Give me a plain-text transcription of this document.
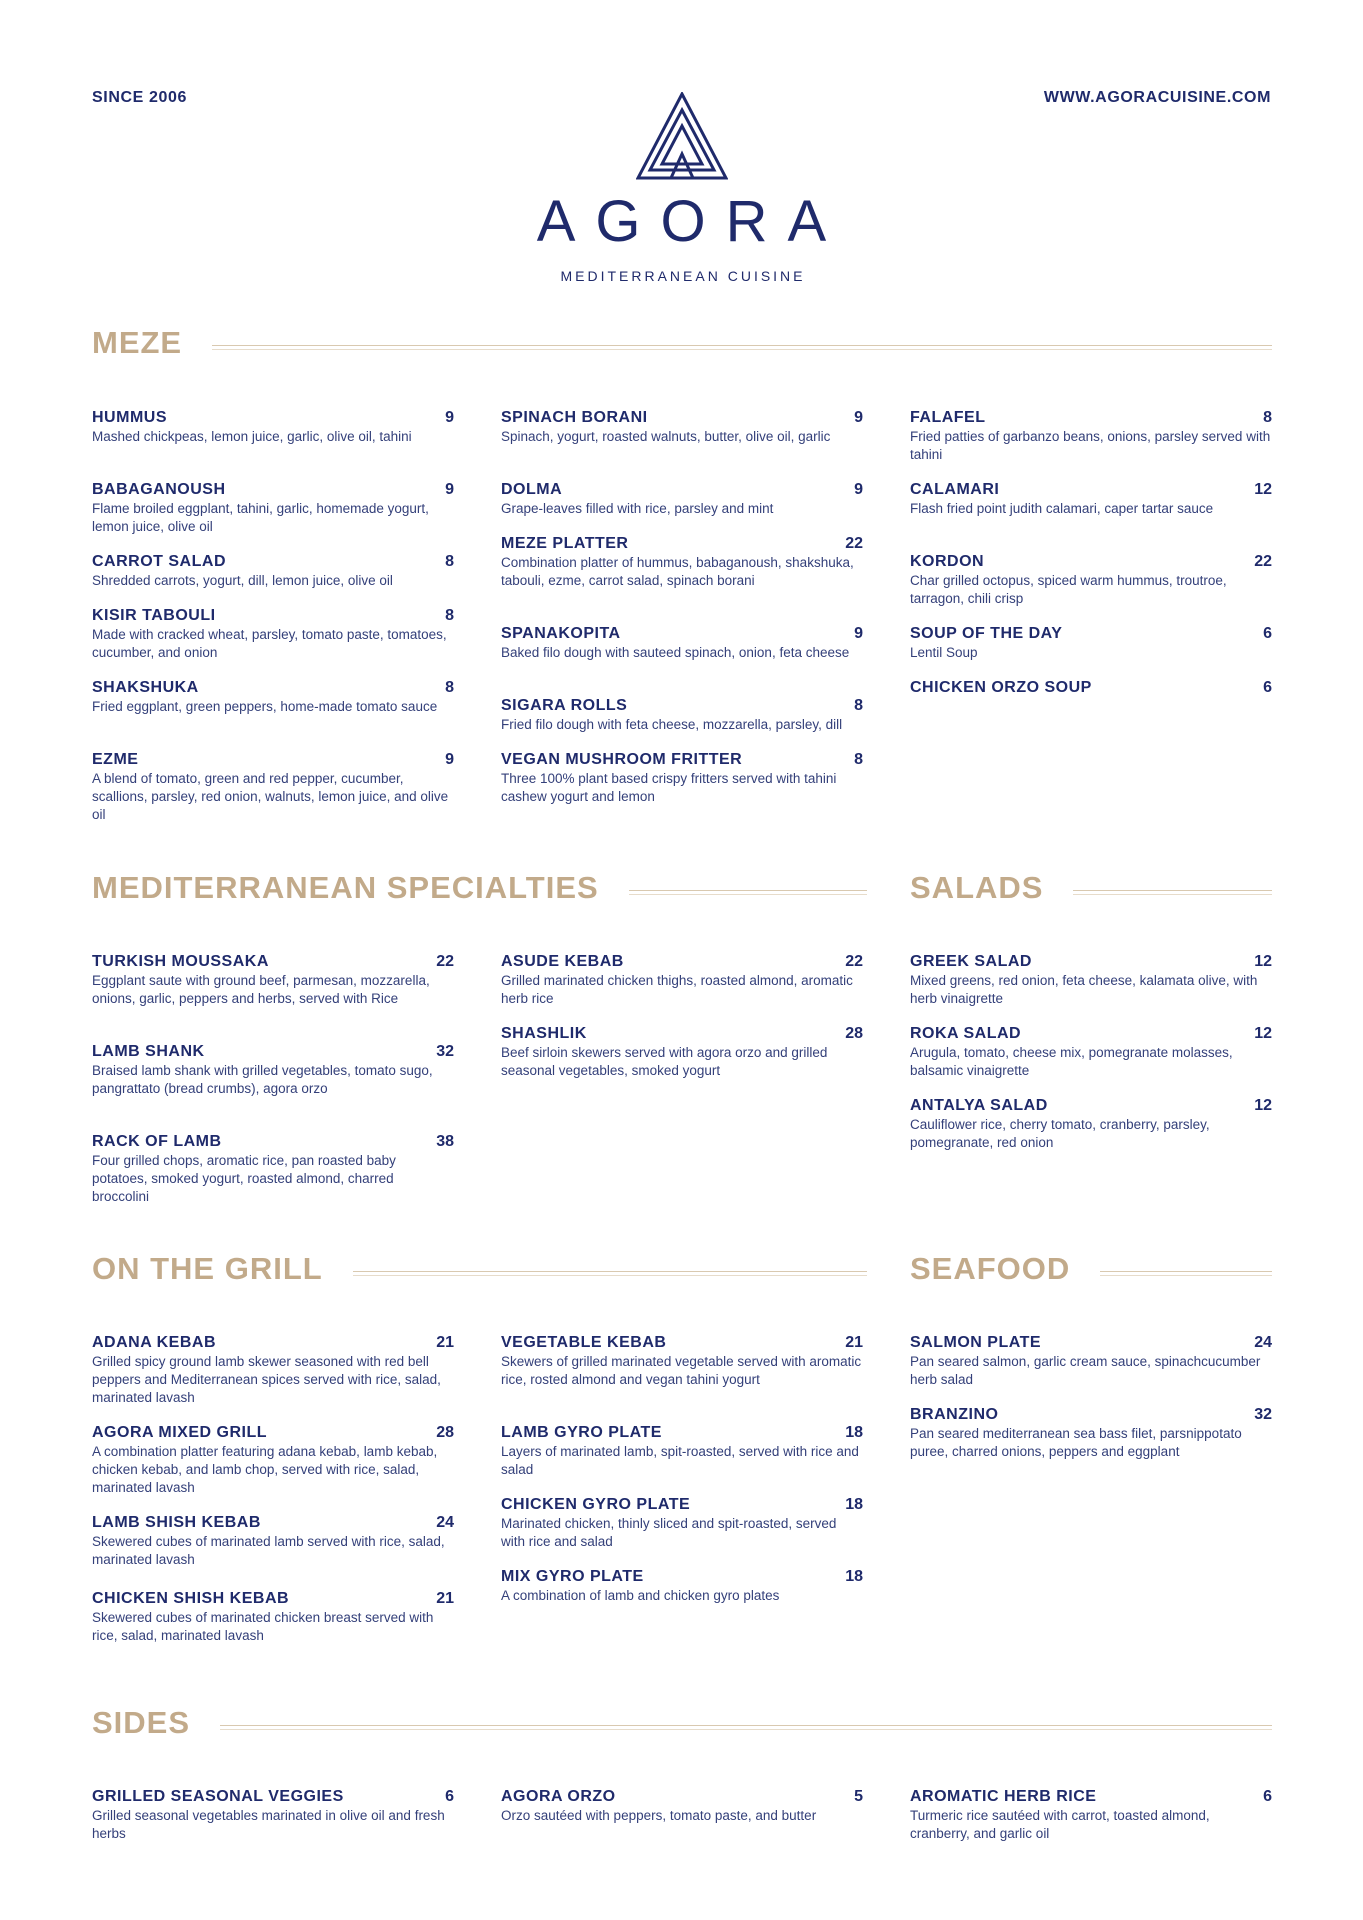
SINCE 2006	WWW.AGORACUISINE.COM
AGORA
MEDITERRANEAN CUISINE
MEZE
MEDITERRANEAN SPECIALTIES	SALADS
ON THE GRILL	SEAFOOD
SIDES
HUMMUS	9
Mashed chickpeas, lemon juice, garlic, olive oil, tahini
BABAGANOUSH	9
Flame broiled eggplant, tahini, garlic, homemade yogurt, lemon juice, olive oil
CARROT SALAD	8
Shredded carrots, yogurt, dill, lemon juice, olive oil
KISIR TABOULI	8
Made with cracked wheat, parsley, tomato paste, tomatoes, cucumber, and onion
SHAKSHUKA	8
Fried eggplant, green peppers, home-made tomato sauce
EZME	9
A blend of tomato, green and red pepper, cucumber, scallions, parsley, red onion, walnuts, lemon juice, and olive oil
SPINACH BORANI	9
Spinach, yogurt, roasted walnuts, butter, olive oil, garlic
DOLMA	9
Grape-leaves filled with rice, parsley and mint
MEZE PLATTER	22
Combination platter of hummus, babaganoush, shakshuka, tabouli, ezme, carrot salad, spinach borani
SPANAKOPITA	9
Baked filo dough with sauteed spinach, onion, feta cheese
SIGARA ROLLS	8
Fried filo dough with feta cheese, mozzarella, parsley, dill
VEGAN MUSHROOM FRITTER	8
Three 100% plant based crispy fritters served with tahini cashew yogurt and lemon
FALAFEL	8
Fried patties of garbanzo beans, onions, parsley served with tahini
CALAMARI	12
Flash fried point judith calamari, caper tartar sauce
KORDON	22
Char grilled octopus, spiced warm hummus, troutroe, tarragon, chili crisp
SOUP OF THE DAY	6
Lentil Soup
CHICKEN ORZO SOUP	6
TURKISH MOUSSAKA	22
Eggplant saute with ground beef, parmesan, mozzarella, onions, garlic, peppers and herbs, served with Rice
LAMB SHANK	32
Braised lamb shank with grilled vegetables, tomato sugo, pangrattato (bread crumbs), agora orzo
RACK OF LAMB	38
Four grilled chops, aromatic rice, pan roasted baby potatoes, smoked yogurt, roasted almond, charred broccolini
ASUDE KEBAB	22
Grilled marinated chicken thighs, roasted almond, aromatic herb rice
SHASHLIK	28
Beef sirloin skewers served with agora orzo and grilled seasonal vegetables, smoked yogurt
GREEK SALAD	12
Mixed greens, red onion, feta cheese, kalamata olive, with herb vinaigrette
ROKA SALAD	12
Arugula, tomato, cheese mix, pomegranate molasses, balsamic vinaigrette
ANTALYA SALAD	12
Cauliflower rice, cherry tomato, cranberry, parsley, pomegranate, red onion
ADANA KEBAB	21
Grilled spicy ground lamb skewer seasoned with red bell peppers and Mediterranean spices served with rice, salad, marinated lavash
AGORA MIXED GRILL	28
A combination platter featuring adana kebab, lamb kebab, chicken kebab, and lamb chop, served with rice, salad, marinated lavash
LAMB SHISH KEBAB	24
Skewered cubes of marinated lamb served with rice, salad, marinated lavash
CHICKEN SHISH KEBAB	21
Skewered cubes of marinated chicken breast served with rice, salad, marinated lavash
VEGETABLE KEBAB	21
Skewers of grilled marinated vegetable served with aromatic rice, rosted almond and vegan tahini yogurt
LAMB GYRO PLATE	18
Layers of marinated lamb, spit-roasted, served with rice and salad
CHICKEN GYRO PLATE	18
Marinated chicken, thinly sliced and spit-roasted, served with rice and salad
MIX GYRO PLATE	18
A combination of lamb and chicken gyro plates
SALMON PLATE	24
Pan seared salmon, garlic cream sauce, spinachcucumber herb salad
BRANZINO	32
Pan seared mediterranean sea bass filet, parsnippotato puree, charred onions, peppers and eggplant
GRILLED SEASONAL VEGGIES	6
Grilled seasonal vegetables marinated in olive oil and fresh herbs
AGORA ORZO	5
Orzo sautéed with peppers, tomato paste, and butter
AROMATIC HERB RICE	6
Turmeric rice sautéed with carrot, toasted almond, cranberry, and garlic oil
